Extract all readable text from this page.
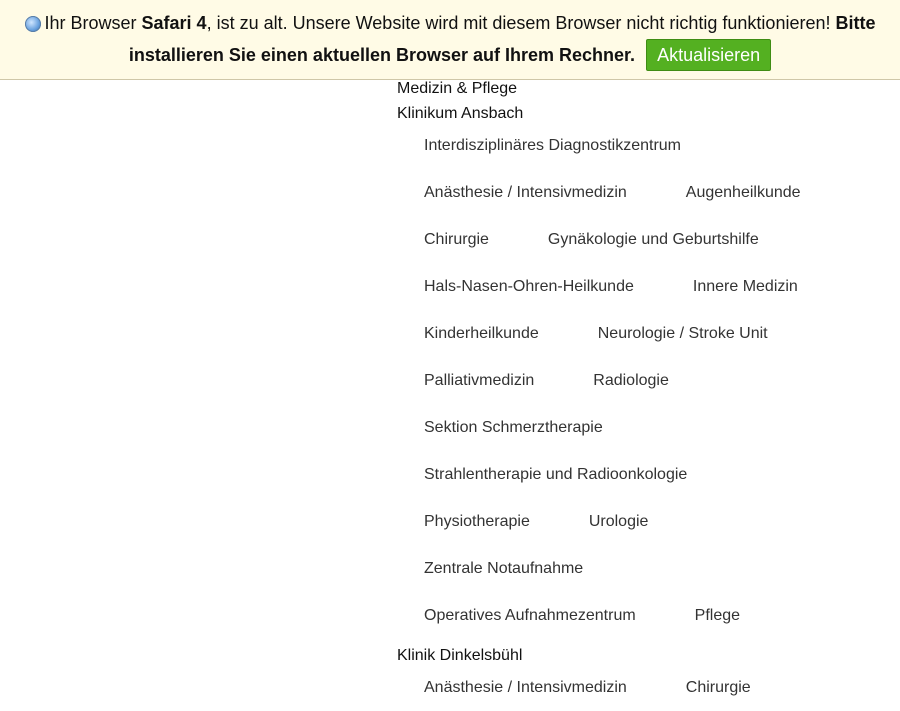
Ihr Browser Safari 4, ist zu alt. Unsere Website wird mit diesem Browser nicht richtig funktionieren! Bitte installieren Sie einen aktuellen Browser auf Ihrem Rechner. Aktualisieren
Medizin & Pflege
Klinikum Ansbach
Interdisziplinäres Diagnostikzentrum
Anästhesie / Intensivmedizin	Augenheilkunde
Chirurgie	Gynäkologie und Geburtshilfe
Hals-Nasen-Ohren-Heilkunde	Innere Medizin
Kinderheilkunde	Neurologie / Stroke Unit
Palliativmedizin	Radiologie
Sektion Schmerztherapie
Strahlentherapie und Radioonkologie
Physiotherapie	Urologie
Zentrale Notaufnahme
Operatives Aufnahmezentrum	Pflege
Klinik Dinkelsbühl
Anästhesie / Intensivmedizin	Chirurgie
